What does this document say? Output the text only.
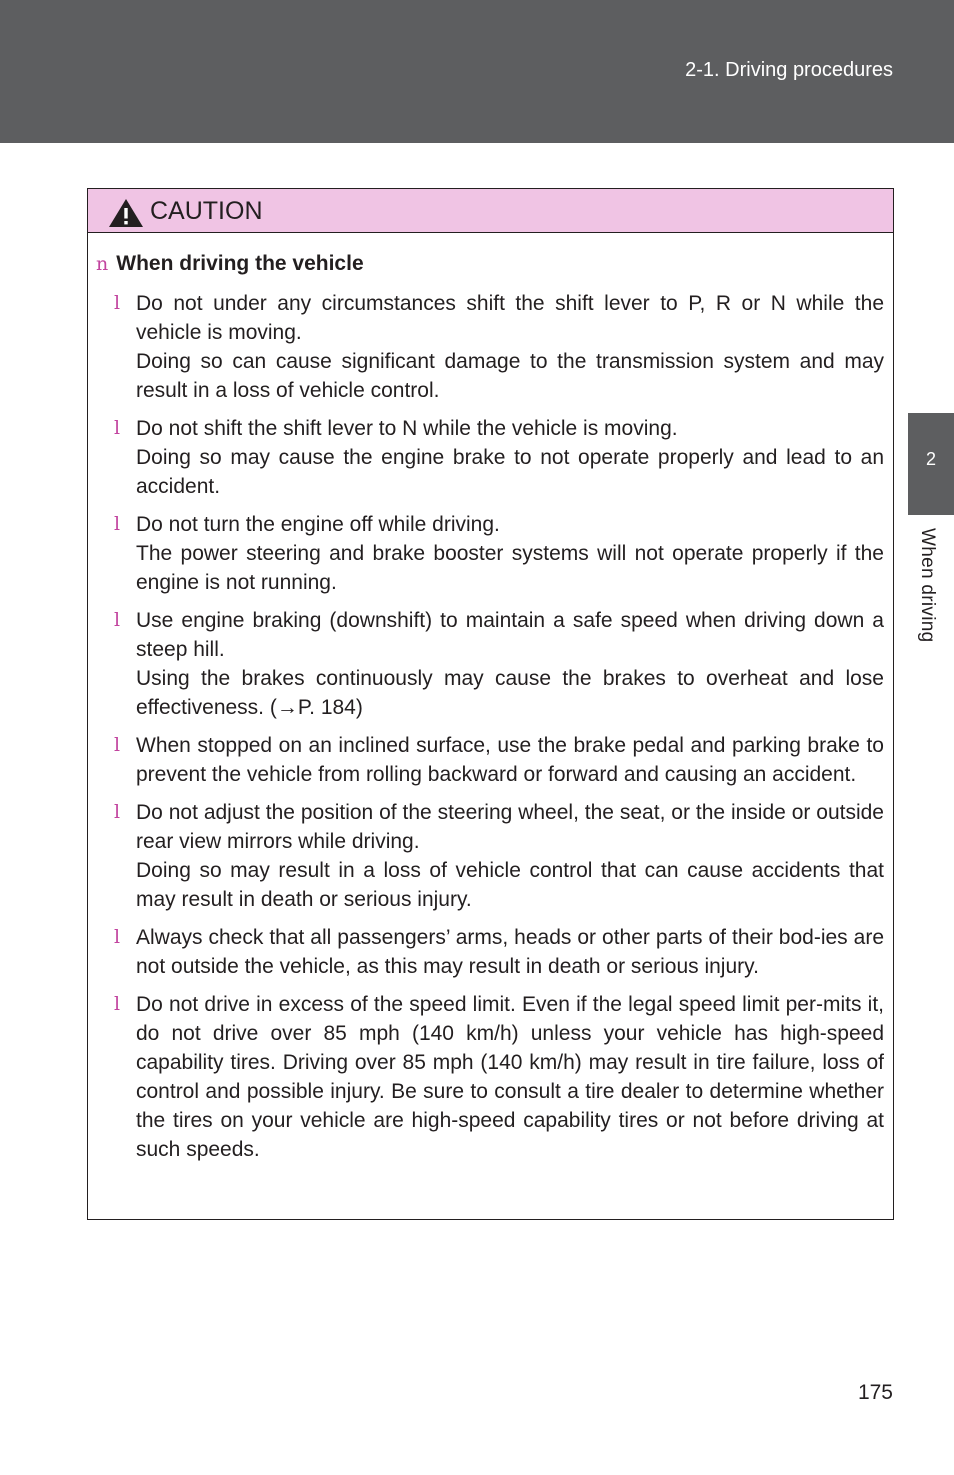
2-1. Driving procedures
2
When driving
CAUTION
n When driving the vehicle
l Do not under any circumstances shift the shift lever to P, R or N while the vehicle is moving.

Doing so can cause significant damage to the transmission system and may result in a loss of vehicle control.

l Do not shift the shift lever to N while the vehicle is moving.

Doing so may cause the engine brake to not operate properly and lead to an accident.

l Do not turn the engine off while driving.

The power steering and brake booster systems will not operate properly if the engine is not running.

l Use engine braking (downshift) to maintain a safe speed when driving down a steep hill.

Using the brakes continuously may cause the brakes to overheat and lose effectiveness. (→P. 184)

l When stopped on an inclined surface, use the brake pedal and parking brake to prevent the vehicle from rolling backward or forward and causing an accident.

l Do not adjust the position of the steering wheel, the seat, or the inside or outside rear view mirrors while driving.

Doing so may result in a loss of vehicle control that can cause accidents that may result in death or serious injury.

l Always check that all passengers’ arms, heads or other parts of their bod-ies are not outside the vehicle, as this may result in death or serious injury.

l Do not drive in excess of the speed limit. Even if the legal speed limit per-mits it, do not drive over 85 mph (140 km/h) unless your vehicle has high-speed capability tires. Driving over 85 mph (140 km/h) may result in tire failure, loss of control and possible injury. Be sure to consult a tire dealer to determine whether the tires on your vehicle are high-speed capability tires or not before driving at such speeds.

175
